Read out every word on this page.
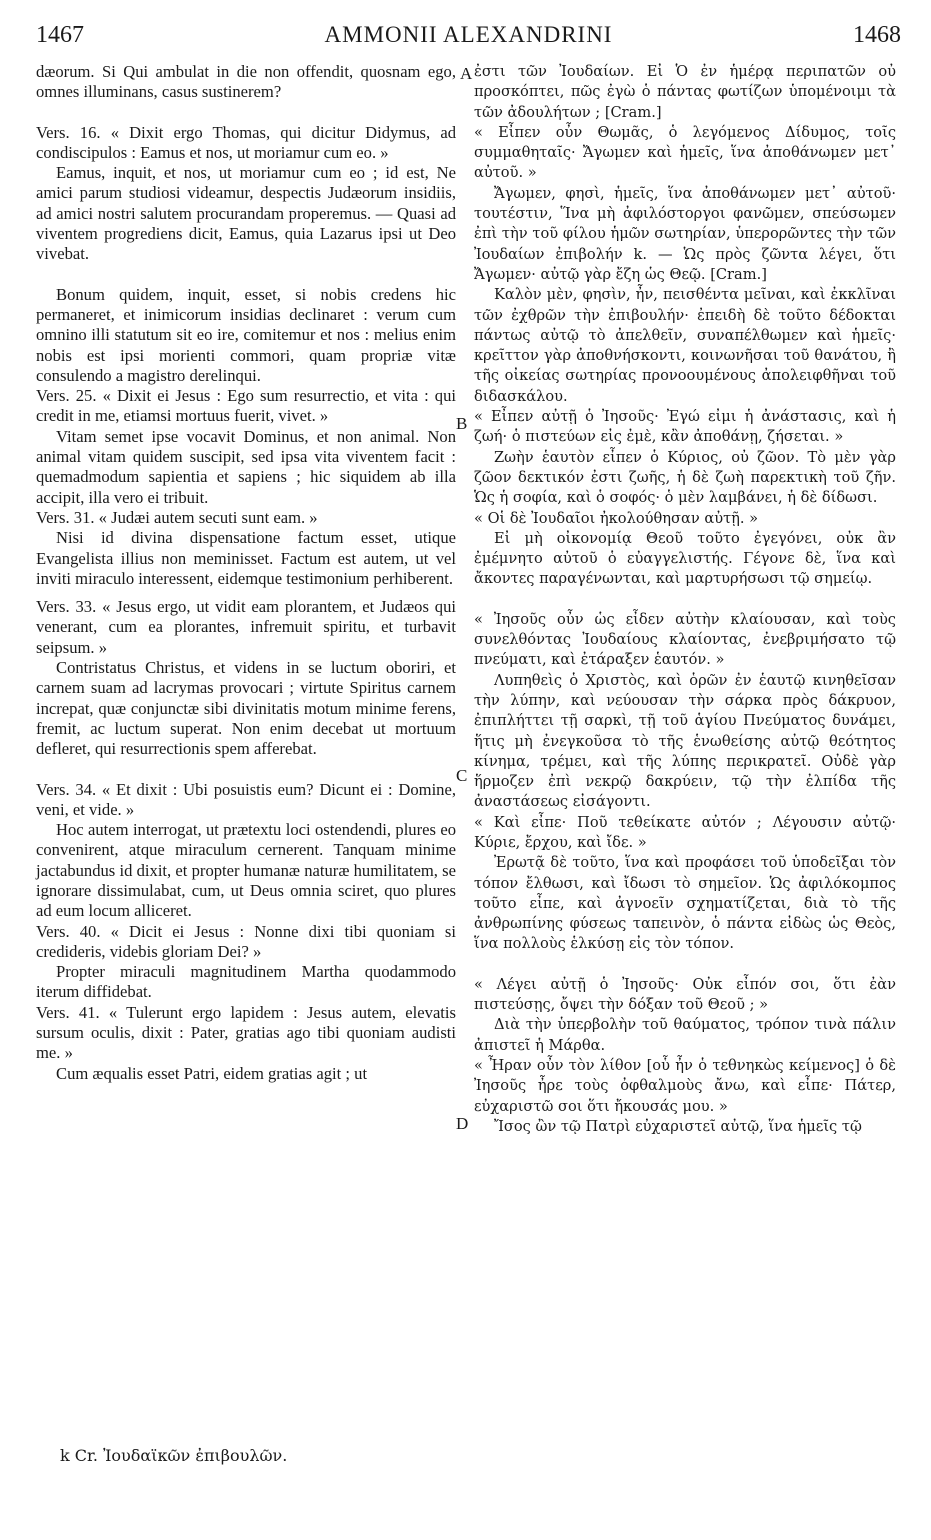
1467	AMMONII ALEXANDRINI	1468

dæorum. Si Qui ambulat in die non offendit, quosnam ego, omnes illuminans, casus sustinerem?

Vers. 16. « Dixit ergo Thomas, qui dicitur Didymus, ad condiscipulos : Eamus et nos, ut moriamur cum eo. »

Eamus, inquit, et nos, ut moriamur cum eo ; id est, Ne amici parum studiosi videamur, despectis Judæorum insidiis, ad amici nostri salutem procurandam properemus. — Quasi ad viventem progrediens dicit, Eamus, quia Lazarus ipsi ut Deo vivebat.

Bonum quidem, inquit, esset, si nobis credens hic permaneret, et inimicorum insidias declinaret : verum cum omnino illi statutum sit eo ire, comitemur et nos : melius enim nobis est ipsi morienti commori, quam propriæ vitæ consulendo a magistro derelinqui.

Vers. 25. « Dixit ei Jesus : Ego sum resurrectio, et vita : qui credit in me, etiamsi mortuus fuerit, vivet. »

Vitam semet ipse vocavit Dominus, et non animal. Non animal vitam quidem suscipit, sed ipsa vita viventem facit : quemadmodum sapientia et sapiens ; hic siquidem ab illa accipit, illa vero ei tribuit.

Vers. 31. « Judæi autem secuti sunt eam. »

Nisi id divina dispensatione factum esset, utique Evangelista illius non meminisset. Factum est autem, ut vel inviti miraculo interessent, eidemque testimonium perhiberent.

Vers. 33. « Jesus ergo, ut vidit eam plorantem, et Judæos qui venerant, cum ea plorantes, infremuit spiritu, et turbavit seipsum. »

Contristatus Christus, et videns in se luctum oboriri, et carnem suam ad lacrymas provocari ; virtute Spiritus carnem increpat, quæ conjunctæ sibi divinitatis motum minime ferens, fremit, ac luctum superat. Non enim decebat ut mortuum defleret, qui resurrectionis spem afferebat.

Vers. 34. « Et dixit : Ubi posuistis eum? Dicunt ei : Domine, veni, et vide. »

Hoc autem interrogat, ut prætextu loci ostendendi, plures eo convenirent, atque miraculum cernerent. Tanquam minime jactabundus id dixit, et propter humanæ naturæ humilitatem, se ignorare dissimulabat, cum, ut Deus omnia sciret, quo plures ad eum locum alliceret.

Vers. 40. « Dicit ei Jesus : Nonne dixi tibi quoniam si credideris, videbis gloriam Dei? »

Propter miraculi magnitudinem Martha quodammodo iterum diffidebat.

Vers. 41. « Tulerunt ergo lapidem : Jesus autem, elevatis sursum oculis, dixit : Pater, gratias ago tibi quoniam audisti me. »

Cum æqualis esset Patri, eidem gratias agit ; ut

A
B
C
D

ἐστι τῶν Ἰουδαίων. Εἰ Ὁ ἐν ἡμέρᾳ περιπατῶν οὐ προσκόπτει, πῶς ἐγὼ ὁ πάντας φωτίζων ὑπομένοιμι τὰ τῶν ἀδουλήτων ; [Cram.]

« Εἶπεν οὖν Θωμᾶς, ὁ λεγόμενος Δίδυμος, τοῖς συμμαθηταῖς· Ἄγωμεν καὶ ἡμεῖς, ἵνα ἀποθάνωμεν μετ᾽ αὐτοῦ. »

Ἄγωμεν, φησὶ, ἡμεῖς, ἵνα ἀποθάνωμεν μετ᾽ αὐτοῦ· τουτέστιν, Ἵνα μὴ ἀφιλόστοργοι φανῶμεν, σπεύσωμεν ἐπὶ τὴν τοῦ φίλου ἡμῶν σωτηρίαν, ὑπερορῶντες τὴν τῶν Ἰουδαίων ἐπιβολήν k. — Ὡς πρὸς ζῶντα λέγει, ὅτι Ἄγωμεν· αὐτῷ γὰρ ἔζη ὡς Θεῷ. [Cram.]

Καλὸν μὲν, φησὶν, ἦν, πεισθέντα μεῖναι, καὶ ἐκκλῖναι τῶν ἐχθρῶν τὴν ἐπιβουλήν· ἐπειδὴ δὲ τοῦτο δέδοκται πάντως αὐτῷ τὸ ἀπελθεῖν, συναπέλθωμεν καὶ ἡμεῖς· κρεῖττον γὰρ ἀποθνήσκοντι, κοινωνῆσαι τοῦ θανάτου, ἢ τῆς οἰκείας σωτηρίας προνοουμένους ἀπολειφθῆναι τοῦ διδασκάλου.

« Εἶπεν αὐτῇ ὁ Ἰησοῦς· Ἐγώ εἰμι ἡ ἀνάστασις, καὶ ἡ ζωή· ὁ πιστεύων εἰς ἐμὲ, κἂν ἀποθάνῃ, ζήσεται. »

Ζωὴν ἑαυτὸν εἶπεν ὁ Κύριος, οὐ ζῶον. Τὸ μὲν γὰρ ζῶον δεκτικόν ἐστι ζωῆς, ἡ δὲ ζωὴ παρεκτικὴ τοῦ ζῆν. Ὡς ἡ σοφία, καὶ ὁ σοφός· ὁ μὲν λαμβάνει, ἡ δὲ δίδωσι.

« Οἱ δὲ Ἰουδαῖοι ἠκολούθησαν αὐτῇ. »

Εἰ μὴ οἰκονομίᾳ Θεοῦ τοῦτο ἐγεγόνει, οὐκ ἂν ἐμέμνητο αὐτοῦ ὁ εὐαγγελιστής. Γέγονε δὲ, ἵνα καὶ ἄκοντες παραγένωνται, καὶ μαρτυρήσωσι τῷ σημείῳ.

« Ἰησοῦς οὖν ὡς εἶδεν αὐτὴν κλαίουσαν, καὶ τοὺς συνελθόντας Ἰουδαίους κλαίοντας, ἐνεβριμήσατο τῷ πνεύματι, καὶ ἐτάραξεν ἑαυτόν. »

Λυπηθεὶς ὁ Χριστὸς, καὶ ὁρῶν ἐν ἑαυτῷ κινηθεῖσαν τὴν λύπην, καὶ νεύουσαν τὴν σάρκα πρὸς δάκρυον, ἐπιπλήττει τῇ σαρκὶ, τῇ τοῦ ἁγίου Πνεύματος δυνάμει, ἥτις μὴ ἐνεγκοῦσα τὸ τῆς ἑνωθείσης αὐτῷ θεότητος κίνημα, τρέμει, καὶ τῆς λύπης περικρατεῖ. Οὐδὲ γὰρ ἥρμοζεν ἐπὶ νεκρῷ δακρύειν, τῷ τὴν ἐλπίδα τῆς ἀναστάσεως εἰσάγοντι.

« Καὶ εἶπε· Ποῦ τεθείκατε αὐτόν ; Λέγουσιν αὐτῷ· Κύριε, ἔρχου, καὶ ἴδε. »

Ἐρωτᾷ δὲ τοῦτο, ἵνα καὶ προφάσει τοῦ ὑποδεῖξαι τὸν τόπον ἔλθωσι, καὶ ἴδωσι τὸ σημεῖον. Ὡς ἀφιλόκομπος τοῦτο εἶπε, καὶ ἀγνοεῖν σχηματίζεται, διὰ τὸ τῆς ἀνθρωπίνης φύσεως ταπεινὸν, ὁ πάντα εἰδὼς ὡς Θεὸς, ἵνα πολλοὺς ἑλκύσῃ εἰς τὸν τόπον.

« Λέγει αὐτῇ ὁ Ἰησοῦς· Οὐκ εἶπόν σοι, ὅτι ἐὰν πιστεύσῃς, ὄψει τὴν δόξαν τοῦ Θεοῦ ; »

Διὰ τὴν ὑπερβολὴν τοῦ θαύματος, τρόπον τινὰ πάλιν ἀπιστεῖ ἡ Μάρθα.

« Ἦραν οὖν τὸν λίθον [οὗ ἦν ὁ τεθνηκὼς κείμενος] ὁ δὲ Ἰησοῦς ἦρε τοὺς ὀφθαλμοὺς ἄνω, καὶ εἶπε· Πάτερ, εὐχαριστῶ σοι ὅτι ἤκουσάς μου. »

Ἴσος ὢν τῷ Πατρὶ εὐχαριστεῖ αὐτῷ, ἵνα ἡμεῖς τῷ

k Cr. Ἰουδαϊκῶν ἐπιβουλῶν.
